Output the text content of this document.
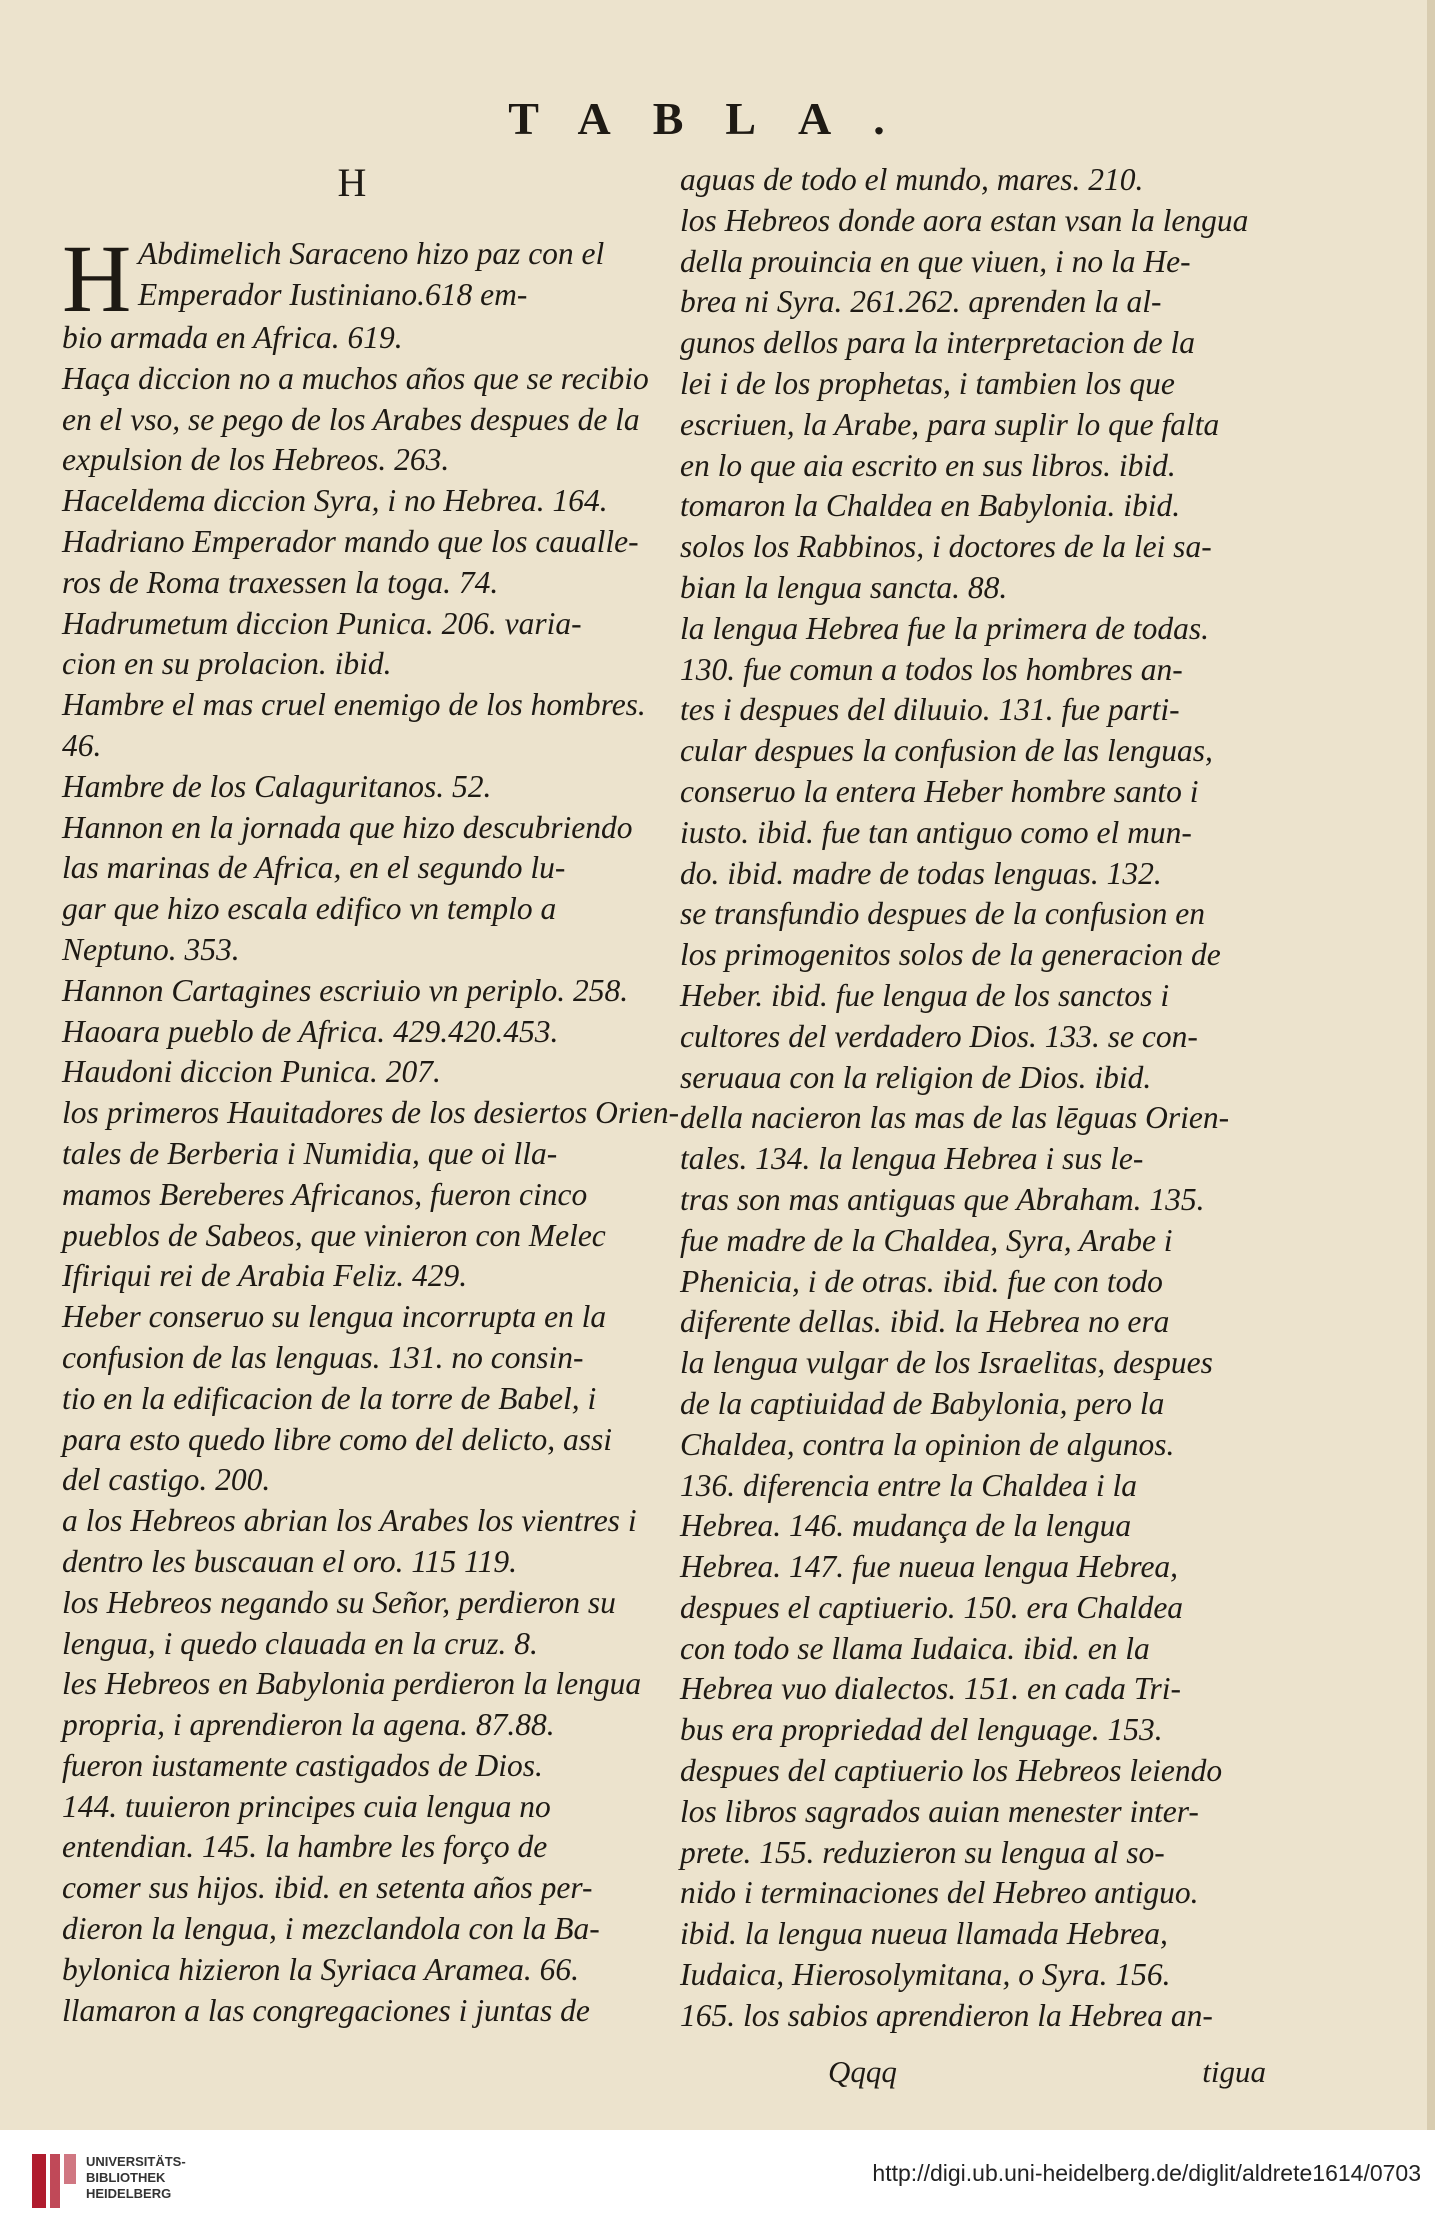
TABLA.
H
H Abdimelich Saraceno hizo paz con el
Emperador Iustiniano.618 em-
bio armada en Africa. 619.
Haça diccion no a muchos años que se recibio
en el vso, se pego de los Arabes despues de la
expulsion de los Hebreos. 263.
Haceldema diccion Syra, i no Hebrea. 164.
Hadriano Emperador mando que los caualle-
ros de Roma traxessen la toga. 74.
Hadrumetum diccion Punica. 206. varia-
cion en su prolacion. ibid.
Hambre el mas cruel enemigo de los hombres.
46.
Hambre de los Calaguritanos. 52.
Hannon en la jornada que hizo descubriendo
las marinas de Africa, en el segundo lu-
gar que hizo escala edifico vn templo a
Neptuno. 353.
Hannon Cartagines escriuio vn periplo. 258.
Haoara pueblo de Africa. 429.420.453.
Haudoni diccion Punica. 207.
los primeros Hauitadores de los desiertos Orien-
tales de Berberia i Numidia, que oi lla-
mamos Bereberes Africanos, fueron cinco
pueblos de Sabeos, que vinieron con Melec
Ifiriqui rei de Arabia Feliz. 429.
Heber conseruo su lengua incorrupta en la
confusion de las lenguas. 131. no consin-
tio en la edificacion de la torre de Babel, i
para esto quedo libre como del delicto, assi
del castigo. 200.
a los Hebreos abrian los Arabes los vientres i
dentro les buscauan el oro. 115 119.
los Hebreos negando su Señor, perdieron su
lengua, i quedo clauada en la cruz. 8.
les Hebreos en Babylonia perdieron la lengua
propria, i aprendieron la agena. 87.88.
fueron iustamente castigados de Dios.
144. tuuieron principes cuia lengua no
entendian. 145. la hambre les forço de
comer sus hijos. ibid. en setenta años per-
dieron la lengua, i mezclandola con la Ba-
bylonica hizieron la Syriaca Aramea. 66.
llamaron a las congregaciones i juntas de
aguas de todo el mundo, mares. 210.
los Hebreos donde aora estan vsan la lengua
della prouincia en que viuen, i no la He-
brea ni Syra. 261.262. aprenden la al-
gunos dellos para la interpretacion de la
lei i de los prophetas, i tambien los que
escriuen, la Arabe, para suplir lo que falta
en lo que aia escrito en sus libros. ibid.
tomaron la Chaldea en Babylonia. ibid.
solos los Rabbinos, i doctores de la lei sa-
bian la lengua sancta. 88.
la lengua Hebrea fue la primera de todas.
130. fue comun a todos los hombres an-
tes i despues del diluuio. 131. fue parti-
cular despues la confusion de las lenguas,
conseruo la entera Heber hombre santo i
iusto. ibid. fue tan antiguo como el mun-
do. ibid. madre de todas lenguas. 132.
se transfundio despues de la confusion en
los primogenitos solos de la generacion de
Heber. ibid. fue lengua de los sanctos i
cultores del verdadero Dios. 133. se con-
seruaua con la religion de Dios. ibid.
della nacieron las mas de las lēguas Orien-
tales. 134. la lengua Hebrea i sus le-
tras son mas antiguas que Abraham. 135.
fue madre de la Chaldea, Syra, Arabe i
Phenicia, i de otras. ibid. fue con todo
diferente dellas. ibid. la Hebrea no era
la lengua vulgar de los Israelitas, despues
de la captiuidad de Babylonia, pero la
Chaldea, contra la opinion de algunos.
136. diferencia entre la Chaldea i la
Hebrea. 146. mudança de la lengua
Hebrea. 147. fue nueua lengua Hebrea,
despues el captiuerio. 150. era Chaldea
con todo se llama Iudaica. ibid. en la
Hebrea vuo dialectos. 151. en cada Tri-
bus era propriedad del lenguage. 153.
despues del captiuerio los Hebreos leiendo
los libros sagrados auian menester inter-
prete. 155. reduzieron su lengua al so-
nido i terminaciones del Hebreo antiguo.
ibid. la lengua nueua llamada Hebrea,
Iudaica, Hierosolymitana, o Syra. 156.
165. los sabios aprendieron la Hebrea an-
Qqqq	tigua
UNIVERSITÄTS-
BIBLIOTHEK
HEIDELBERG
http://digi.ub.uni-heidelberg.de/diglit/aldrete1614/0703
